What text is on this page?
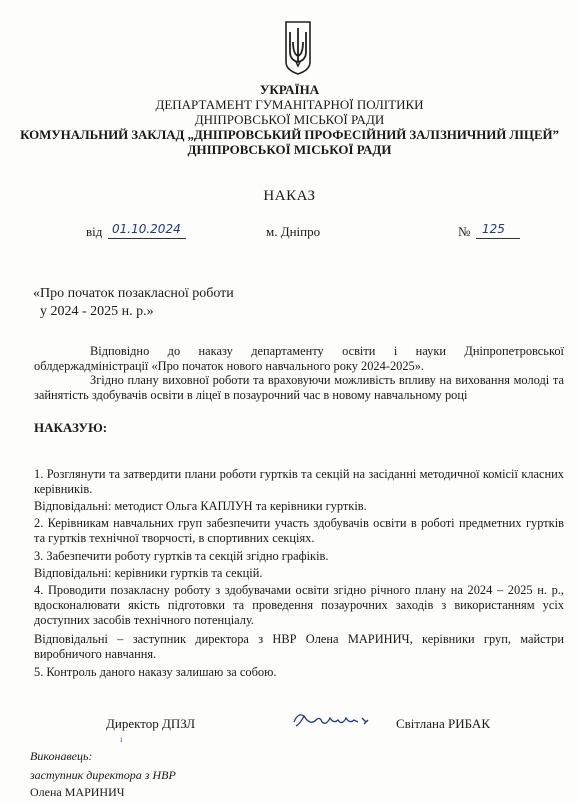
УКРАЇНА
ДЕПАРТАМЕНТ ГУМАНІТАРНОЇ ПОЛІТИКИ
ДНІПРОВСЬКОЇ МІСЬКОЇ РАДИ
КОМУНАЛЬНИЙ ЗАКЛАД „ДНІПРОВСЬКИЙ ПРОФЕСІЙНИЙ ЗАЛІЗНИЧНИЙ ЛІЦЕЙ”
ДНІПРОВСЬКОЇ МІСЬКОЇ РАДИ
НАКАЗ
від 01.10.2024	м. Дніпро	№ 125
«Про початок позакласної роботи
у 2024 - 2025 н. р.»
Відповідно до наказу департаменту освіти і науки Дніпропетровської облдержадміністрації «Про початок нового навчального року 2024-2025».
Згідно плану виховної роботи та враховуючи можливість впливу на виховання молоді та зайнятість здобувачів освіти в ліцеї в позаурочний час в новому навчальному році
НАКАЗУЮ:
1. Розглянути та затвердити плани роботи гуртків та секцій на засіданні методичної комісії класних керівників.
Відповідальні: методист Ольга КАПЛУН та керівники гуртків.
2. Керівникам навчальних груп забезпечити участь здобувачів освіти в роботі предметних гуртків та гуртків технічної творчості, в спортивних секціях.
3. Забезпечити роботу гуртків та секцій згідно графіків.
Відповідальні: керівники гуртків та секцій.
4. Проводити позакласну роботу з здобувачами освіти згідно річного плану на 2024 – 2025 н. р., вдосконалювати якість підготовки та проведення позаурочних заходів з використанням усіх доступних засобів технічного потенціалу.
Відповідальні – заступник директора з НВР Олена МАРИНИЧ, керівники груп, майстри виробничого навчання.
5. Контроль даного наказу залишаю за собою.
Директор ДПЗЛ	Світлана РИБАК
ı
Виконавець:
заступник директора з НВР
Олена МАРИНИЧ
